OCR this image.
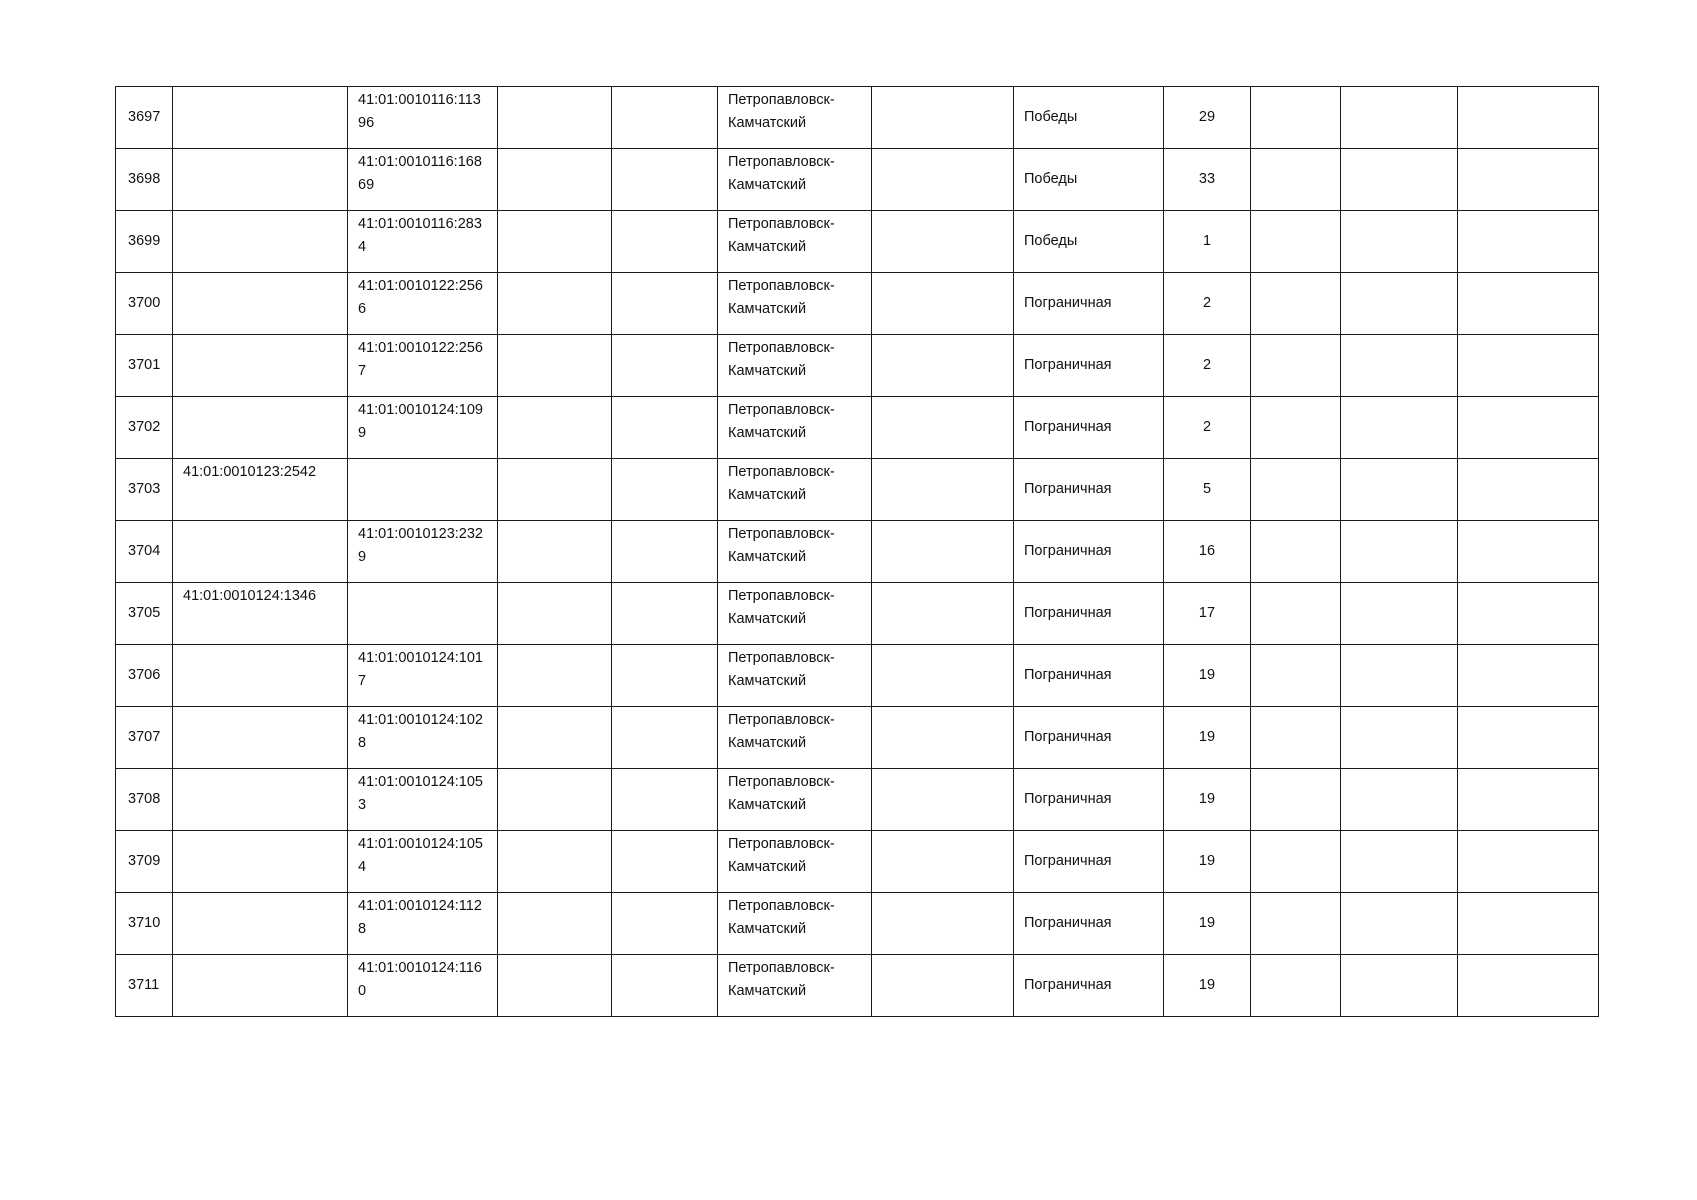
3697		41:01:0010116:11396			Петропавловск-Камчатский		Победы	29			
3698		41:01:0010116:16869			Петропавловск-Камчатский		Победы	33			
3699		41:01:0010116:2834			Петропавловск-Камчатский		Победы	1			
3700		41:01:0010122:2566			Петропавловск-Камчатский		Пограничная	2			
3701		41:01:0010122:2567			Петропавловск-Камчатский		Пограничная	2			
3702		41:01:0010124:1099			Петропавловск-Камчатский		Пограничная	2			
3703	41:01:0010123:2542				Петропавловск-Камчатский		Пограничная	5			
3704		41:01:0010123:2329			Петропавловск-Камчатский		Пограничная	16			
3705	41:01:0010124:1346				Петропавловск-Камчатский		Пограничная	17			
3706		41:01:0010124:1017			Петропавловск-Камчатский		Пограничная	19			
3707		41:01:0010124:1028			Петропавловск-Камчатский		Пограничная	19			
3708		41:01:0010124:1053			Петропавловск-Камчатский		Пограничная	19			
3709		41:01:0010124:1054			Петропавловск-Камчатский		Пограничная	19			
3710		41:01:0010124:1128			Петропавловск-Камчатский		Пограничная	19			
3711		41:01:0010124:1160			Петропавловск-Камчатский		Пограничная	19			
